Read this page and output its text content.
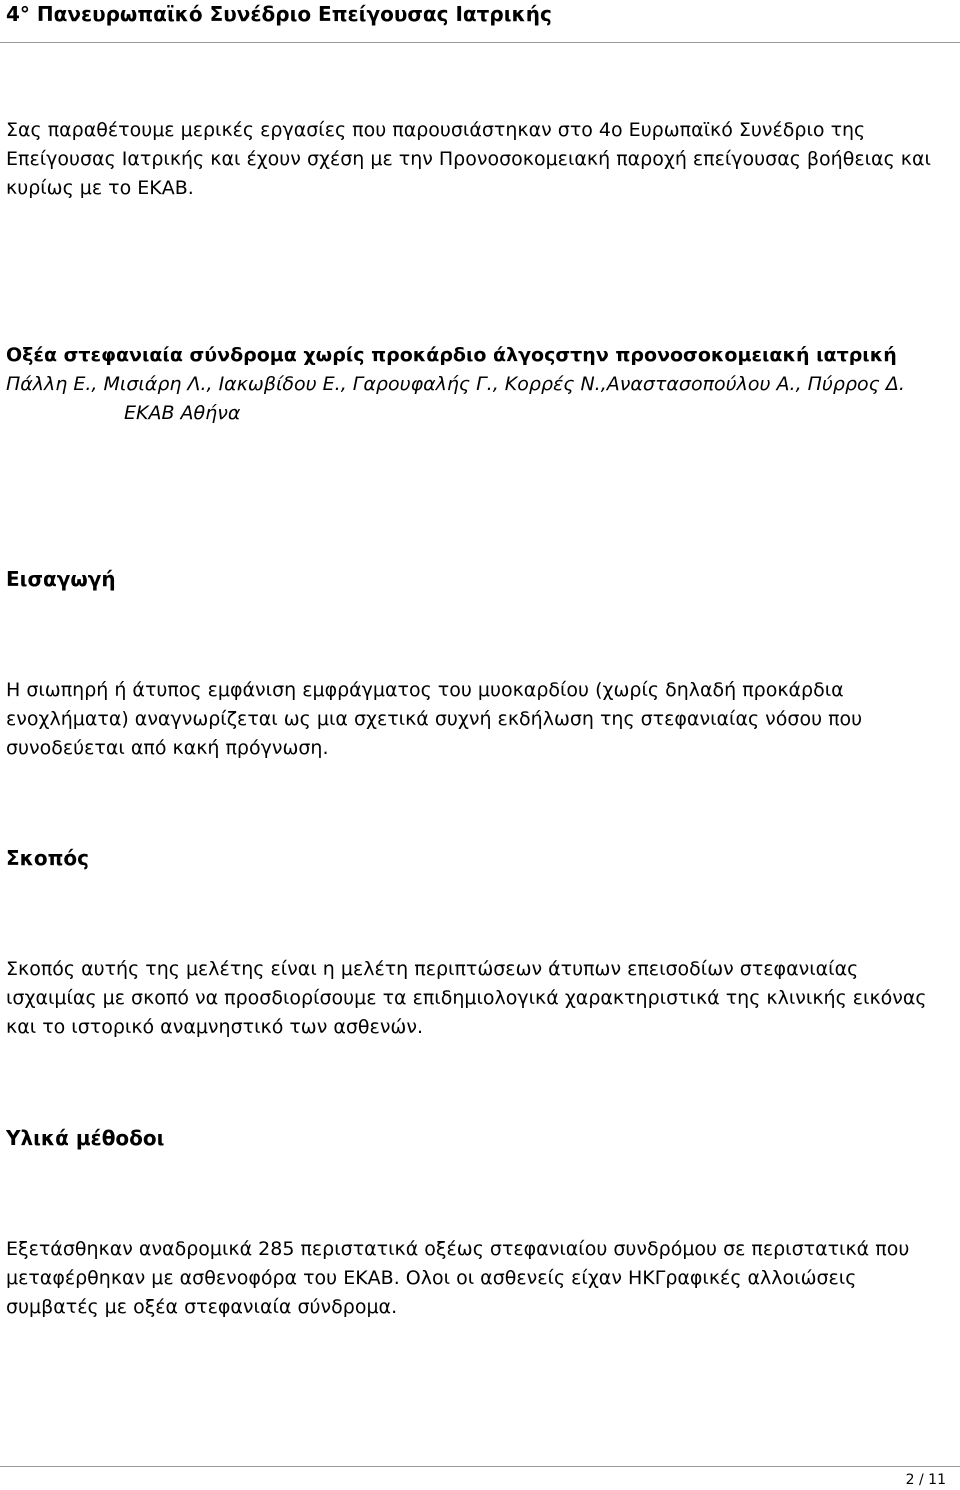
4° Πανευρωπαϊκό Συνέδριο Επείγουσας Ιατρικής

Σας παραθέτουμε μερικές εργασίες που παρουσιάστηκαν στο 4ο Ευρωπαϊκό Συνέδριο της Επείγουσας Ιατρικής και έχουν σχέση με την Προνοσοκομειακή παροχή επείγουσας βοήθειας και κυρίως με το ΕΚΑΒ.

Οξέα στεφανιαία σύνδρομα χωρίς προκάρδιο άλγοςστην προνοσοκομειακή ιατρική Πάλλη Ε., Μισιάρη Λ., Ιακωβίδου Ε., Γαρουφαλής Γ., Κορρές Ν.,Αναστασοπούλου Α., Πύρρος Δ. ΕΚΑΒ Αθήνα
Εισαγωγή

Η σιωπηρή ή άτυπος εμφάνιση εμφράγματος του μυοκαρδίου (χωρίς δηλαδή προκάρδια ενοχλήματα) αναγνωρίζεται ως μια σχετικά συχνή εκδήλωση της στεφανιαίας νόσου που συνοδεύεται από κακή πρόγνωση.

Σκοπός

Σκοπός αυτής της μελέτης είναι η μελέτη περιπτώσεων άτυπων επεισοδίων στεφανιαίας ισχαιμίας με σκοπό να προσδιορίσουμε τα επιδημιολογικά χαρακτηριστικά της κλινικής εικόνας και το ιστορικό αναμνηστικό των ασθενών.

Υλικά μέθοδοι

Εξετάσθηκαν αναδρομικά 285 περιστατικά οξέως στεφανιαίου συνδρόμου σε περιστατικά που μεταφέρθηκαν με ασθενοφόρα του ΕΚΑΒ. Ολοι οι ασθενείς είχαν ΗΚΓραφικές αλλοιώσεις συμβατές με οξέα στεφανιαία σύνδρομα.

2 / 11
